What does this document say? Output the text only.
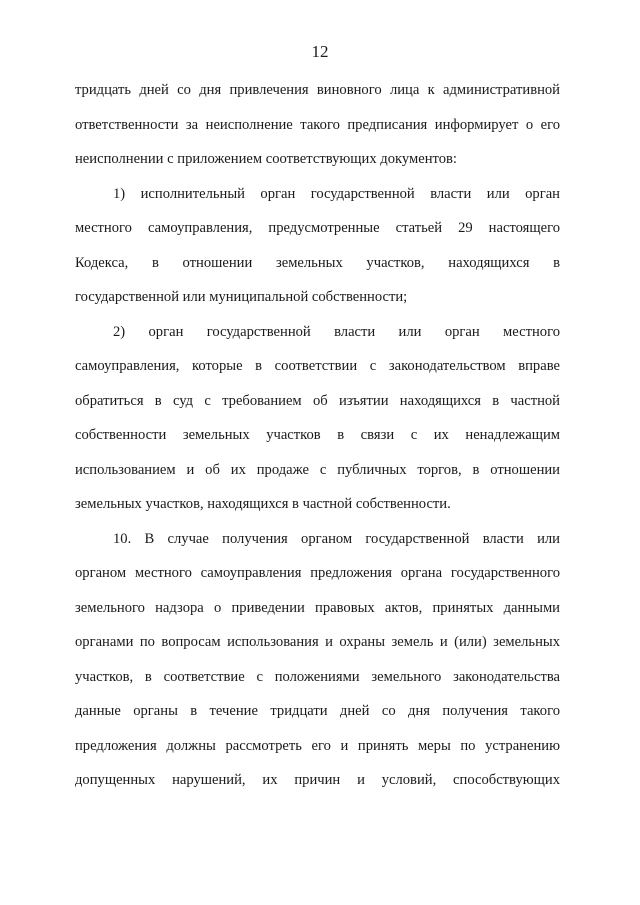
12
тридцать дней со дня привлечения виновного лица к административной
ответственности за неисполнение такого предписания информирует о его
неисполнении с приложением соответствующих документов:
1) исполнительный орган государственной власти или орган
местного самоуправления, предусмотренные статьей 29 настоящего
Кодекса, в отношении земельных участков, находящихся в
государственной или муниципальной собственности;
2) орган государственной власти или орган местного
самоуправления, которые в соответствии с законодательством вправе
обратиться в суд с требованием об изъятии находящихся в частной
собственности земельных участков в связи с их ненадлежащим
использованием и об их продаже с публичных торгов, в отношении
земельных участков, находящихся в частной собственности.
10. В случае получения органом государственной власти или
органом местного самоуправления предложения органа государственного
земельного надзора о приведении правовых актов, принятых данными
органами по вопросам использования и охраны земель и (или) земельных
участков, в соответствие с положениями земельного законодательства
данные органы в течение тридцати дней со дня получения такого
предложения должны рассмотреть его и принять меры по устранению
допущенных нарушений, их причин и условий, способствующих
